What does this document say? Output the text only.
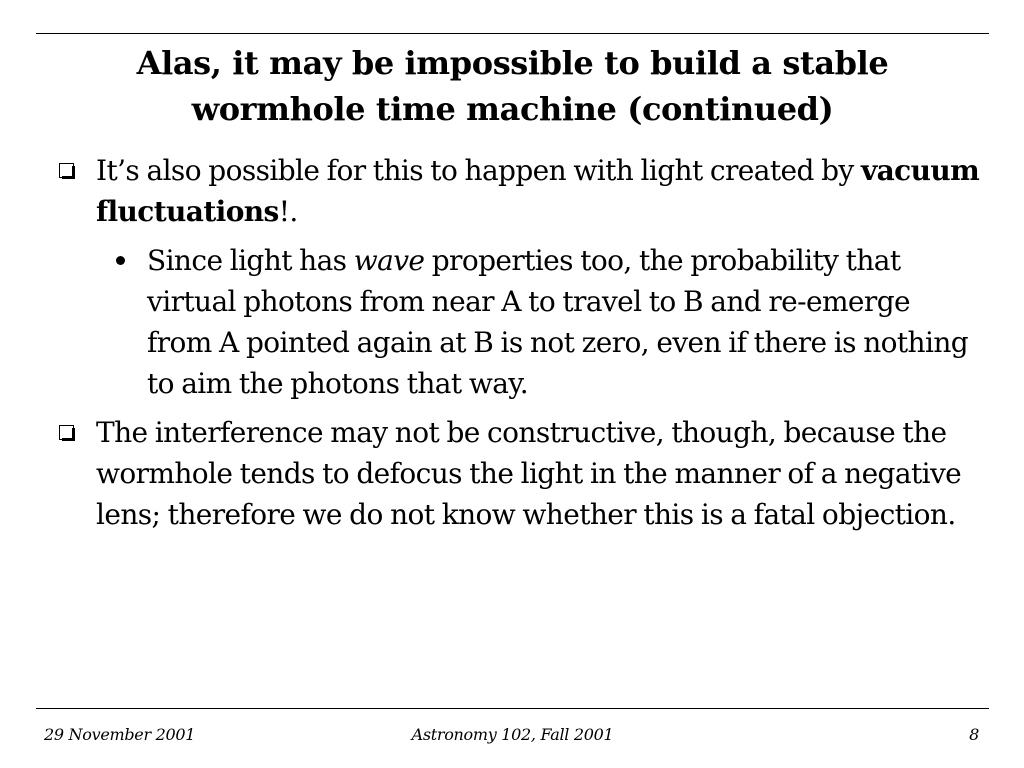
Alas, it may be impossible to build a stable
wormhole time machine (continued)
It’s also possible for this to happen with light created by vacuum fluctuations!.
Since light has wave properties too, the probability that virtual photons from near A to travel to B and re-emerge from A pointed again at B is not zero, even if there is nothing to aim the photons that way.
The interference may not be constructive, though, because the wormhole tends to defocus the light in the manner of a negative lens; therefore we do not know whether this is a fatal objection.
29 November 2001	Astronomy 102, Fall 2001	8
